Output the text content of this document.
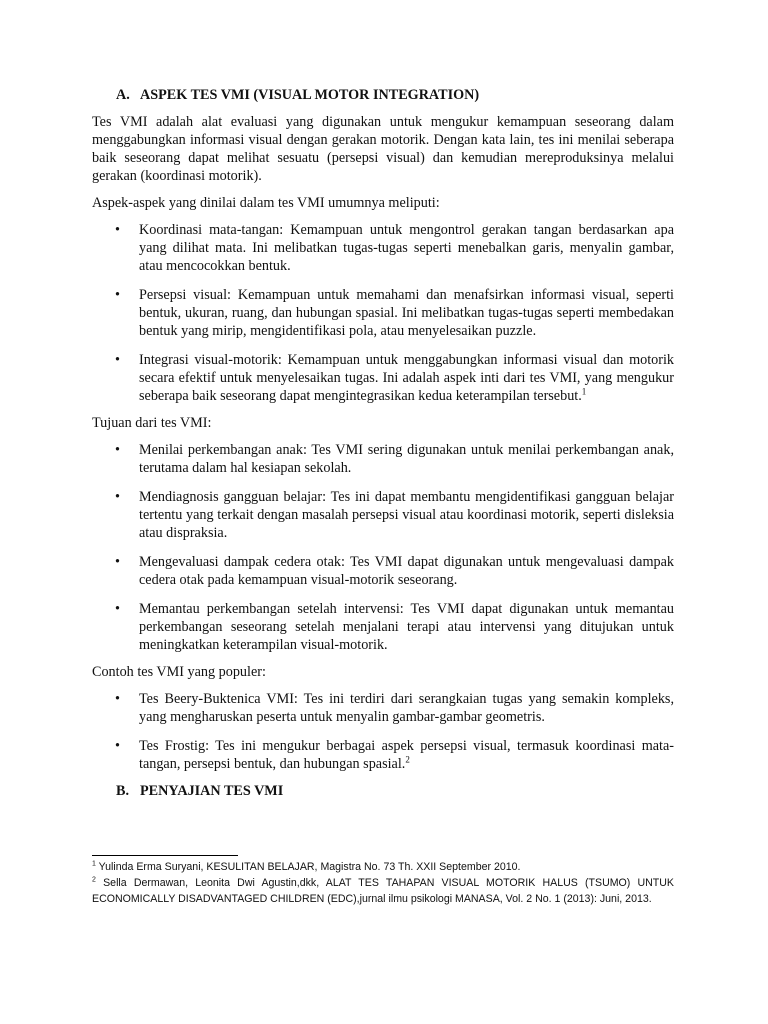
A. ASPEK TES VMI (VISUAL MOTOR INTEGRATION)

Tes VMI adalah alat evaluasi yang digunakan untuk mengukur kemampuan seseorang dalam menggabungkan informasi visual dengan gerakan motorik. Dengan kata lain, tes ini menilai seberapa baik seseorang dapat melihat sesuatu (persepsi visual) dan kemudian mereproduksinya melalui gerakan (koordinasi motorik).

Aspek-aspek yang dinilai dalam tes VMI umumnya meliputi:

• Koordinasi mata-tangan: Kemampuan untuk mengontrol gerakan tangan berdasarkan apa yang dilihat mata. Ini melibatkan tugas-tugas seperti menebalkan garis, menyalin gambar, atau mencocokkan bentuk.
• Persepsi visual: Kemampuan untuk memahami dan menafsirkan informasi visual, seperti bentuk, ukuran, ruang, dan hubungan spasial. Ini melibatkan tugas-tugas seperti membedakan bentuk yang mirip, mengidentifikasi pola, atau menyelesaikan puzzle.
• Integrasi visual-motorik: Kemampuan untuk menggabungkan informasi visual dan motorik secara efektif untuk menyelesaikan tugas. Ini adalah aspek inti dari tes VMI, yang mengukur seberapa baik seseorang dapat mengintegrasikan kedua keterampilan tersebut.$^1$

Tujuan dari tes VMI:

• Menilai perkembangan anak: Tes VMI sering digunakan untuk menilai perkembangan anak, terutama dalam hal kesiapan sekolah.
• Mendiagnosis gangguan belajar: Tes ini dapat membantu mengidentifikasi gangguan belajar tertentu yang terkait dengan masalah persepsi visual atau koordinasi motorik, seperti disleksia atau dispraksia.
• Mengevaluasi dampak cedera otak: Tes VMI dapat digunakan untuk mengevaluasi dampak cedera otak pada kemampuan visual-motorik seseorang.
• Memantau perkembangan setelah intervensi: Tes VMI dapat digunakan untuk memantau perkembangan seseorang setelah menjalani terapi atau intervensi yang ditujukan untuk meningkatkan keterampilan visual-motorik.

Contoh tes VMI yang populer:

• Tes Beery-Buktenica VMI: Tes ini terdiri dari serangkaian tugas yang semakin kompleks, yang mengharuskan peserta untuk menyalin gambar-gambar geometris.
• Tes Frostig: Tes ini mengukur berbagai aspek persepsi visual, termasuk koordinasi mata-tangan, persepsi bentuk, dan hubungan spasial.$^2$
B. PENYAJIAN TES VMI

$^1$ Yulinda Erma Suryani, KESULITAN BELAJAR, Magistra No. 73 Th. XXII September 2010.

$^2$ Sella Dermawan, Leonita Dwi Agustin,dkk, ALAT TES TAHAPAN VISUAL MOTORIK HALUS (TSUMO) UNTUK ECONOMICALLY DISADVANTAGED CHILDREN (EDC),jurnal ilmu psikologi MANASA, Vol. 2 No. 1 (2013): Juni, 2013.
